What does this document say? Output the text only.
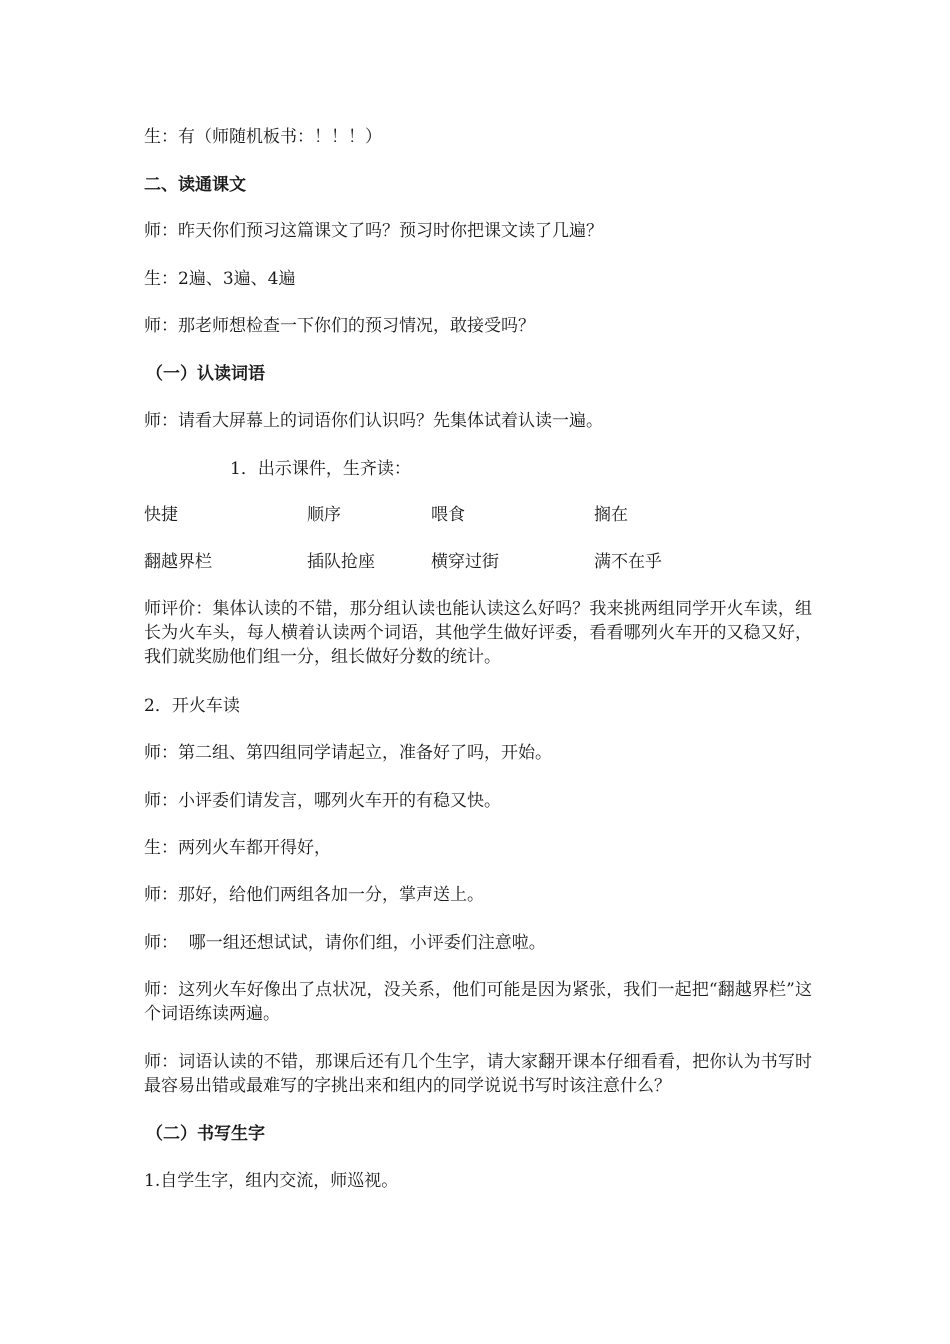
生：有（师随机板书：！！！）
二、读通课文
师：昨天你们预习这篇课文了吗？预习时你把课文读了几遍？
生：2遍、3遍、4遍
师：那老师想检查一下你们的预习情况，敢接受吗？
（一）认读词语
师：请看大屏幕上的词语你们认识吗？先集体试着认读一遍。
1．出示课件，生齐读：
快捷	顺序	喂食	搁在
翻越界栏	插队抢座	横穿过街	满不在乎
师评价：集体认读的不错，那分组认读也能认读这么好吗？我来挑两组同学开火车读，组长为火车头，每人横着认读两个词语，其他学生做好评委，看看哪列火车开的又稳又好，我们就奖励他们组一分，组长做好分数的统计。
2．开火车读
师：第二组、第四组同学请起立，准备好了吗，开始。
师：小评委们请发言，哪列火车开的有稳又快。
生：两列火车都开得好，
师：那好，给他们两组各加一分，掌声送上。
师：  哪一组还想试试，请你们组，小评委们注意啦。
师：这列火车好像出了点状况，没关系，他们可能是因为紧张，我们一起把“翻越界栏”这个词语练读两遍。
师：词语认读的不错，那课后还有几个生字，请大家翻开课本仔细看看，把你认为书写时最容易出错或最难写的字挑出来和组内的同学说说书写时该注意什么？
（二）书写生字
1.自学生字，组内交流，师巡视。
